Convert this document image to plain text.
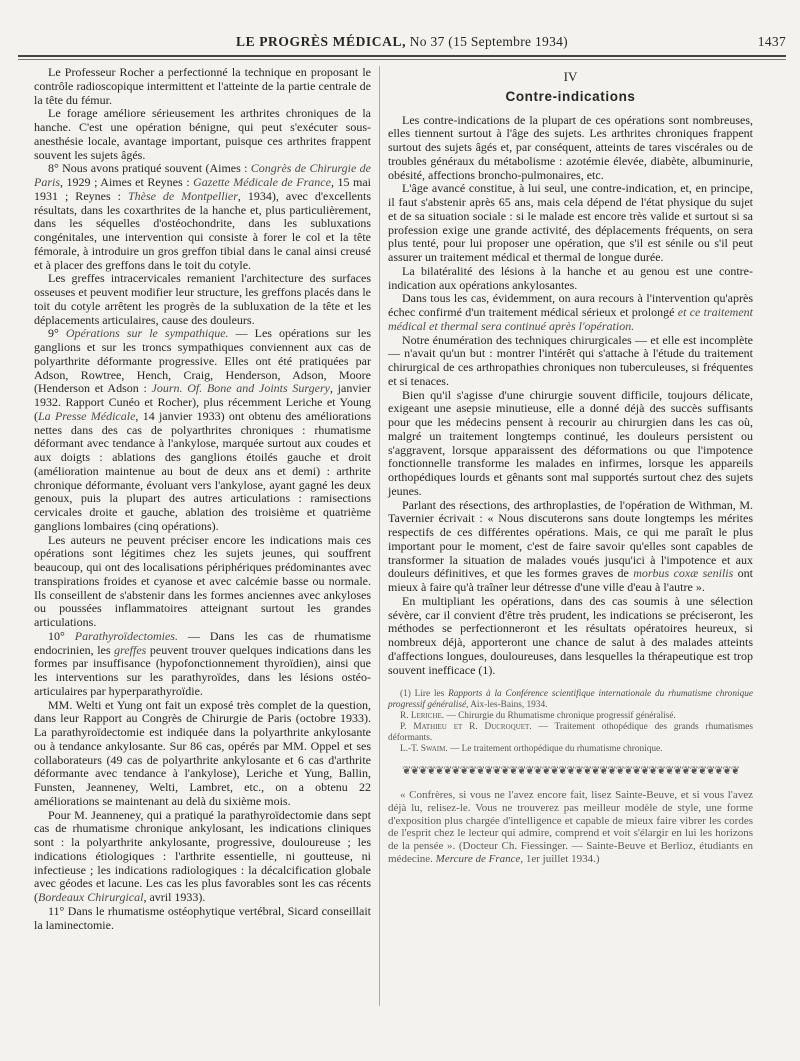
LE PROGRÈS MÉDICAL, No 37 (15 Septembre 1934)	1437

Le Professeur Rocher a perfectionné la technique en proposant le contrôle radioscopique intermittent et l'atteinte de la partie centrale de la tête du fémur.

Le forage améliore sérieusement les arthrites chroniques de la hanche. C'est une opération bénigne, qui peut s'exécuter sous-anesthésie locale, avantage important, puisque ces arthrites frappent souvent les sujets âgés.

8° Nous avons pratiqué souvent (Aimes : Congrès de Chirurgie de Paris, 1929 ; Aimes et Reynes : Gazette Médicale de France, 15 mai 1931 ; Reynes : Thèse de Montpellier, 1934), avec d'excellents résultats, dans les coxarthrites de la hanche et, plus particulièrement, dans les séquelles d'ostéochondrite, dans les subluxations congénitales, une intervention qui consiste à forer le col et la tête fémorale, à introduire un gros greffon tibial dans le canal ainsi creusé et à placer des greffons dans le toit du cotyle.

Les greffes intracervicales remanient l'architecture des surfaces osseuses et peuvent modifier leur structure, les greffons placés dans le toit du cotyle arrêtent les progrès de la subluxation de la tête et les déplacements articulaires, cause des douleurs.

9° Opérations sur le sympathique. — Les opérations sur les ganglions et sur les troncs sympathiques conviennent aux cas de polyarthrite déformante progressive. Elles ont été pratiquées par Adson, Rowtree, Hench, Craig, Henderson, Adson, Moore (Henderson et Adson : Journ. Of. Bone and Joints Surgery, janvier 1932. Rapport Cunéo et Rocher), plus récemment Leriche et Young (La Presse Médicale, 14 janvier 1933) ont obtenu des améliorations nettes dans des cas de polyarthrites chroniques : rhumatisme déformant avec tendance à l'ankylose, marquée surtout aux coudes et aux doigts : ablations des ganglions étoilés gauche et droit (amélioration maintenue au bout de deux ans et demi) : arthrite chronique déformante, évoluant vers l'ankylose, ayant gagné les deux genoux, puis la plupart des autres articulations : ramisections cervicales droite et gauche, ablation des troisième et quatrième ganglions lombaires (cinq opérations).

Les auteurs ne peuvent préciser encore les indications mais ces opérations sont légitimes chez les sujets jeunes, qui souffrent beaucoup, qui ont des localisations périphériques prédominantes avec transpirations froides et cyanose et avec calcémie basse ou normale. Ils conseillent de s'abstenir dans les formes anciennes avec ankyloses ou poussées inflammatoires atteignant surtout les grandes articulations.

10° Parathyroïdectomies. — Dans les cas de rhumatisme endocrinien, les greffes peuvent trouver quelques indications dans les formes par insuffisance (hypofonctionnement thyroïdien), ainsi que les interventions sur les parathyroïdes, dans les lésions ostéo-articulaires par hyperparathyroïdie.

MM. Welti et Yung ont fait un exposé très complet de la question, dans leur Rapport au Congrès de Chirurgie de Paris (octobre 1933). La parathyroïdectomie est indiquée dans la polyarthrite ankylosante ou à tendance ankylosante. Sur 86 cas, opérés par MM. Oppel et ses collaborateurs (49 cas de polyarthrite ankylosante et 6 cas d'arthrite déformante avec tendance à l'ankylose), Leriche et Yung, Ballin, Funsten, Jeanneney, Welti, Lambret, etc., on a obtenu 22 améliorations se maintenant au delà du sixième mois.

Pour M. Jeanneney, qui a pratiqué la parathyroïdectomie dans sept cas de rhumatisme chronique ankylosant, les indications cliniques sont : la polyarthrite ankylosante, progressive, douloureuse ; les indications étiologiques : l'arthrite essentielle, ni goutteuse, ni infectieuse ; les indications radiologiques : la décalcification globale avec géodes et lacune. Les cas les plus favorables sont les cas récents (Bordeaux Chirurgical, avril 1933).

11° Dans le rhumatisme ostéophytique vertébral, Sicard conseillait la laminectomie.

IV
Contre-indications

Les contre-indications de la plupart de ces opérations sont nombreuses, elles tiennent surtout à l'âge des sujets. Les arthrites chroniques frappent surtout des sujets âgés et, par conséquent, atteints de tares viscérales ou de troubles généraux du métabolisme : azotémie élevée, diabète, albuminurie, obésité, affections broncho-pulmonaires, etc.

L'âge avancé constitue, à lui seul, une contre-indication, et, en principe, il faut s'abstenir après 65 ans, mais cela dépend de l'état physique du sujet et de sa situation sociale : si le malade est encore très valide et surtout si sa profession exige une grande activité, des déplacements fréquents, on sera plus tenté, pour lui proposer une opération, que s'il est sénile ou s'il peut assurer un traitement médical et thermal de longue durée.

La bilatéralité des lésions à la hanche et au genou est une contre-indication aux opérations ankylosantes.

Dans tous les cas, évidemment, on aura recours à l'intervention qu'après échec confirmé d'un traitement médical sérieux et prolongé et ce traitement médical et thermal sera continué après l'opération.

Notre énumération des techniques chirurgicales — et elle est incomplète — n'avait qu'un but : montrer l'intérêt qui s'attache à l'étude du traitement chirurgical de ces arthropathies chroniques non tuberculeuses, si fréquentes et si tenaces.

Bien qu'il s'agisse d'une chirurgie souvent difficile, toujours délicate, exigeant une asepsie minutieuse, elle a donné déjà des succès suffisants pour que les médecins pensent à recourir au chirurgien dans les cas où, malgré un traitement longtemps continué, les douleurs persistent ou s'aggravent, lorsque apparaissent des déformations ou que l'impotence fonctionnelle transforme les malades en infirmes, lorsque les appareils orthopédiques lourds et gênants sont mal supportés surtout chez des sujets jeunes.

Parlant des résections, des arthroplasties, de l'opération de Withman, M. Tavernier écrivait : « Nous discuterons sans doute longtemps les mérites respectifs de ces différentes opérations. Mais, ce qui me paraît le plus important pour le moment, c'est de faire savoir qu'elles sont capables de transformer la situation de malades voués jusqu'ici à l'impotence et aux douleurs définitives, et que les formes graves de morbus coxæ senilis ont mieux à faire qu'à traîner leur détresse d'une ville d'eau à l'autre ».

En multipliant les opérations, dans des cas soumis à une sélection sévère, car il convient d'être très prudent, les indications se préciseront, les méthodes se perfectionneront et les résultats opératoires heureux, si nombreux déjà, apporteront une chance de salut à des malades atteints d'affections longues, douloureuses, dans lesquelles la thérapeutique est trop souvent inefficace (1).

(1) Lire les Rapports à la Conférence scientifique internationale du rhumatisme chronique progressif généralisé, Aix-les-Bains, 1934.

R. Leriche. — Chirurgie du Rhumatisme chronique progressif généralisé.

P. Mathieu et R. Ducroquet. — Traitement othopédique des grands rhumatismes déformants.

L.-T. Swaim. — Le traitement orthopédique du rhumatisme chronique.

❦❦❦❦❦❦❦❦❦❦❦❦❦❦❦❦❦❦❦❦❦❦❦❦❦❦❦❦❦❦❦❦❦❦❦❦❦❦❦❦❦

« Confrères, si vous ne l'avez encore fait, lisez Sainte-Beuve, et si vous l'avez déjà lu, relisez-le. Vous ne trouverez pas meilleur modèle de style, une forme d'exposition plus chargée d'intelligence et capable de mieux faire vibrer les cordes de l'esprit chez le lecteur qui admire, comprend et voit s'élargir en lui les horizons de la pensée ». (Docteur Ch. Fiessinger. — Sainte-Beuve et Berlioz, étudiants en médecine. Mercure de France, 1er juillet 1934.)
